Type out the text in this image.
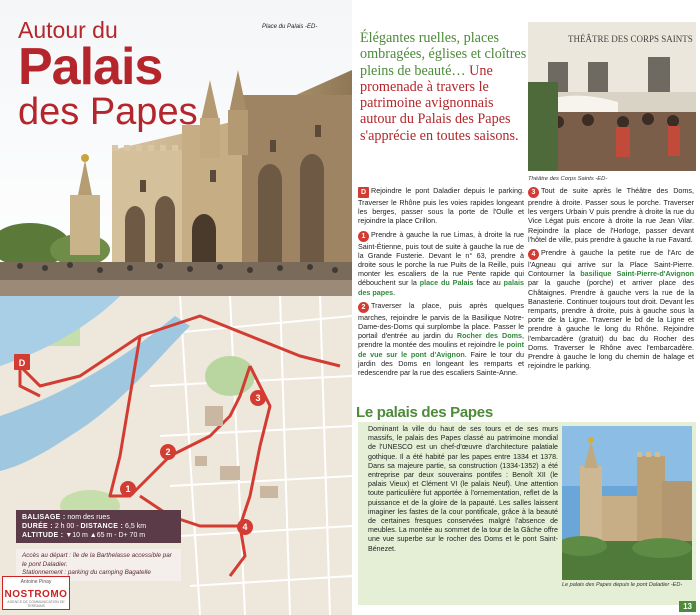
Autour du
Palais
des Papes
Place du Palais -ED-
D
1
2
3
4
BALISAGE : nom des rues
DURÉE : 2 h 00 - DISTANCE : 6,5 km
ALTITUDE : ▼10 m ▲65 m - D+ 70 m
Accès au départ : île de la Barthelasse accessible par le pont Daladier.
Stationnement : parking du camping Bagatelle
Antoine Pinay
NOSTROMO
AGENCE DE COMMUNICATION DE TERRAINS
Élégantes ruelles, places ombragées, églises et cloîtres pleins de beauté… Une promenade à travers le patrimoine avignonnais autour du Palais des Papes s'apprécie en toutes saisons.
THÉÂTRE DES CORPS SAINTS
Théâtre des Corps Saints -ED-

D Rejoindre le pont Daladier depuis le parking. Traverser le Rhône puis les voies rapides longeant les berges, passer sous la porte de l'Oulle et rejoindre la place Crillon.

1 Prendre à gauche la rue Limas, à droite la rue Saint-Étienne, puis tout de suite à gauche la rue de la Grande Fusterie. Devant le n° 63, prendre à droite sous le porche la rue Puits de la Reille, puis monter les escaliers de la rue Pente rapide qui débouchent sur la place du Palais face au palais des papes.

2 Traverser la place, puis après quelques marches, rejoindre le parvis de la Basilique Notre-Dame-des-Doms qui surplombe la place. Passer le portail d'entrée au jardin du Rocher des Doms, prendre la montée des moulins et rejoindre le point de vue sur le pont d'Avignon. Faire le tour du jardin des Doms en longeant les remparts et redescendre par la rue des escaliers Sainte-Anne.

3 Tout de suite après le Théâtre des Doms, prendre à droite. Passer sous le porche. Traverser les vergers Urbain V puis prendre à droite la rue du Vice Légat puis encore à droite la rue Jean Vilar. Rejoindre la place de l'Horloge, passer devant l'hôtel de ville, puis prendre à gauche la rue Favard.

4 Prendre à gauche la petite rue de l'Arc de l'Agneau qui arrive sur la Place Saint-Pierre. Contourner la basilique Saint-Pierre-d'Avignon par la gauche (porche) et arriver place des Châtaignes. Prendre à gauche vers la rue de la Banasterie. Continuer toujours tout droit. Devant les remparts, prendre à droite, puis à gauche sous la porte de la Ligne. Traverser le bd de la Ligne et prendre à gauche le long du Rhône. Rejoindre l'embarcadère (gratuit) du bac du Rocher des Doms. Traverser le Rhône avec l'embarcadère. Prendre à gauche le long du chemin de halage et rejoindre le parking.

Le palais des Papes
Dominant la ville du haut de ses tours et de ses murs massifs, le palais des Papes classé au patrimoine mondial de l'UNESCO est un chef-d'œuvre d'architecture palatiale gothique. Il a été habité par les papes entre 1334 et 1378. Dans sa majeure partie, sa construction (1334-1352) a été entreprise par deux souverains pontifes : Benoît XII (le palais Vieux) et Clément VI (le palais Neuf). Une attention toute particulière fut apportée à l'ornementation, reflet de la puissance et de la gloire de la papauté. Les salles laissent imaginer les fastes de la cour pontificale, grâce à la beauté de certaines fresques conservées malgré l'absence de meubles. La montée au sommet de la tour de la Gâche offre une vue superbe sur le rocher des Doms et le pont Saint-Bénezet.
Le palais des Papes depuis le pont Daladier -ED-
13
